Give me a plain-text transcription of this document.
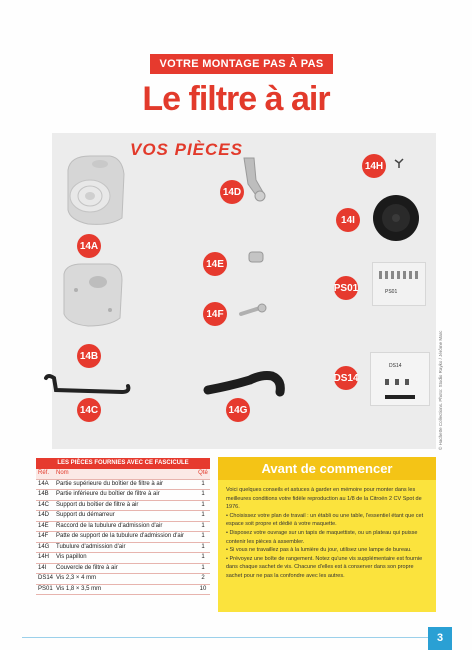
VOTRE MONTAGE PAS À PAS
Le filtre à air
VOS PIÈCES
PS01
DS14
14A
14B
14C
14D
14E
14F
14G
14H
14I
PS01
DS14	© Hachette Collections. Photo: Studio Rayko / Jérôme Marc
LES PIÈCES FOURNIES AVEC CE FASCICULE
Réf.	Nom	Qté
14A	Partie supérieure du boîtier de filtre à air	1
14B	Partie inférieure du boîtier de filtre à air	1
14C	Support du boîtier de filtre à air	1
14D	Support du démarreur	1
14E	Raccord de la tubulure d'admission d'air	1
14F	Patte de support de la tubulure d'admission d'air	1
14G	Tubulure d'admission d'air	1
14H	Vis papillon	1
14I	Couvercle de filtre à air	1
DS14 Vis 2,3 × 4 mm	2
PS01 Vis 1,8 × 3,5 mm	10
Avant de commencer

Voici quelques conseils et astuces à garder en mémoire pour monter dans les meilleures conditions votre fidèle reproduction au 1/8 de la Citroën 2 CV Spot de 1976.

• Choisissez votre plan de travail : un établi ou une table, l'essentiel étant que cet espace soit propre et dédié à votre maquette.

• Disposez votre ouvrage sur un tapis de maquettiste, ou un plateau qui puisse contenir les pièces à assembler.

• Si vous ne travaillez pas à la lumière du jour, utilisez une lampe de bureau.

• Prévoyez une boîte de rangement. Notez qu'une vis supplémentaire est fournie dans chaque sachet de vis. Chacune d'elles est à conserver dans son propre sachet pour ne pas la confondre avec les autres.

3
